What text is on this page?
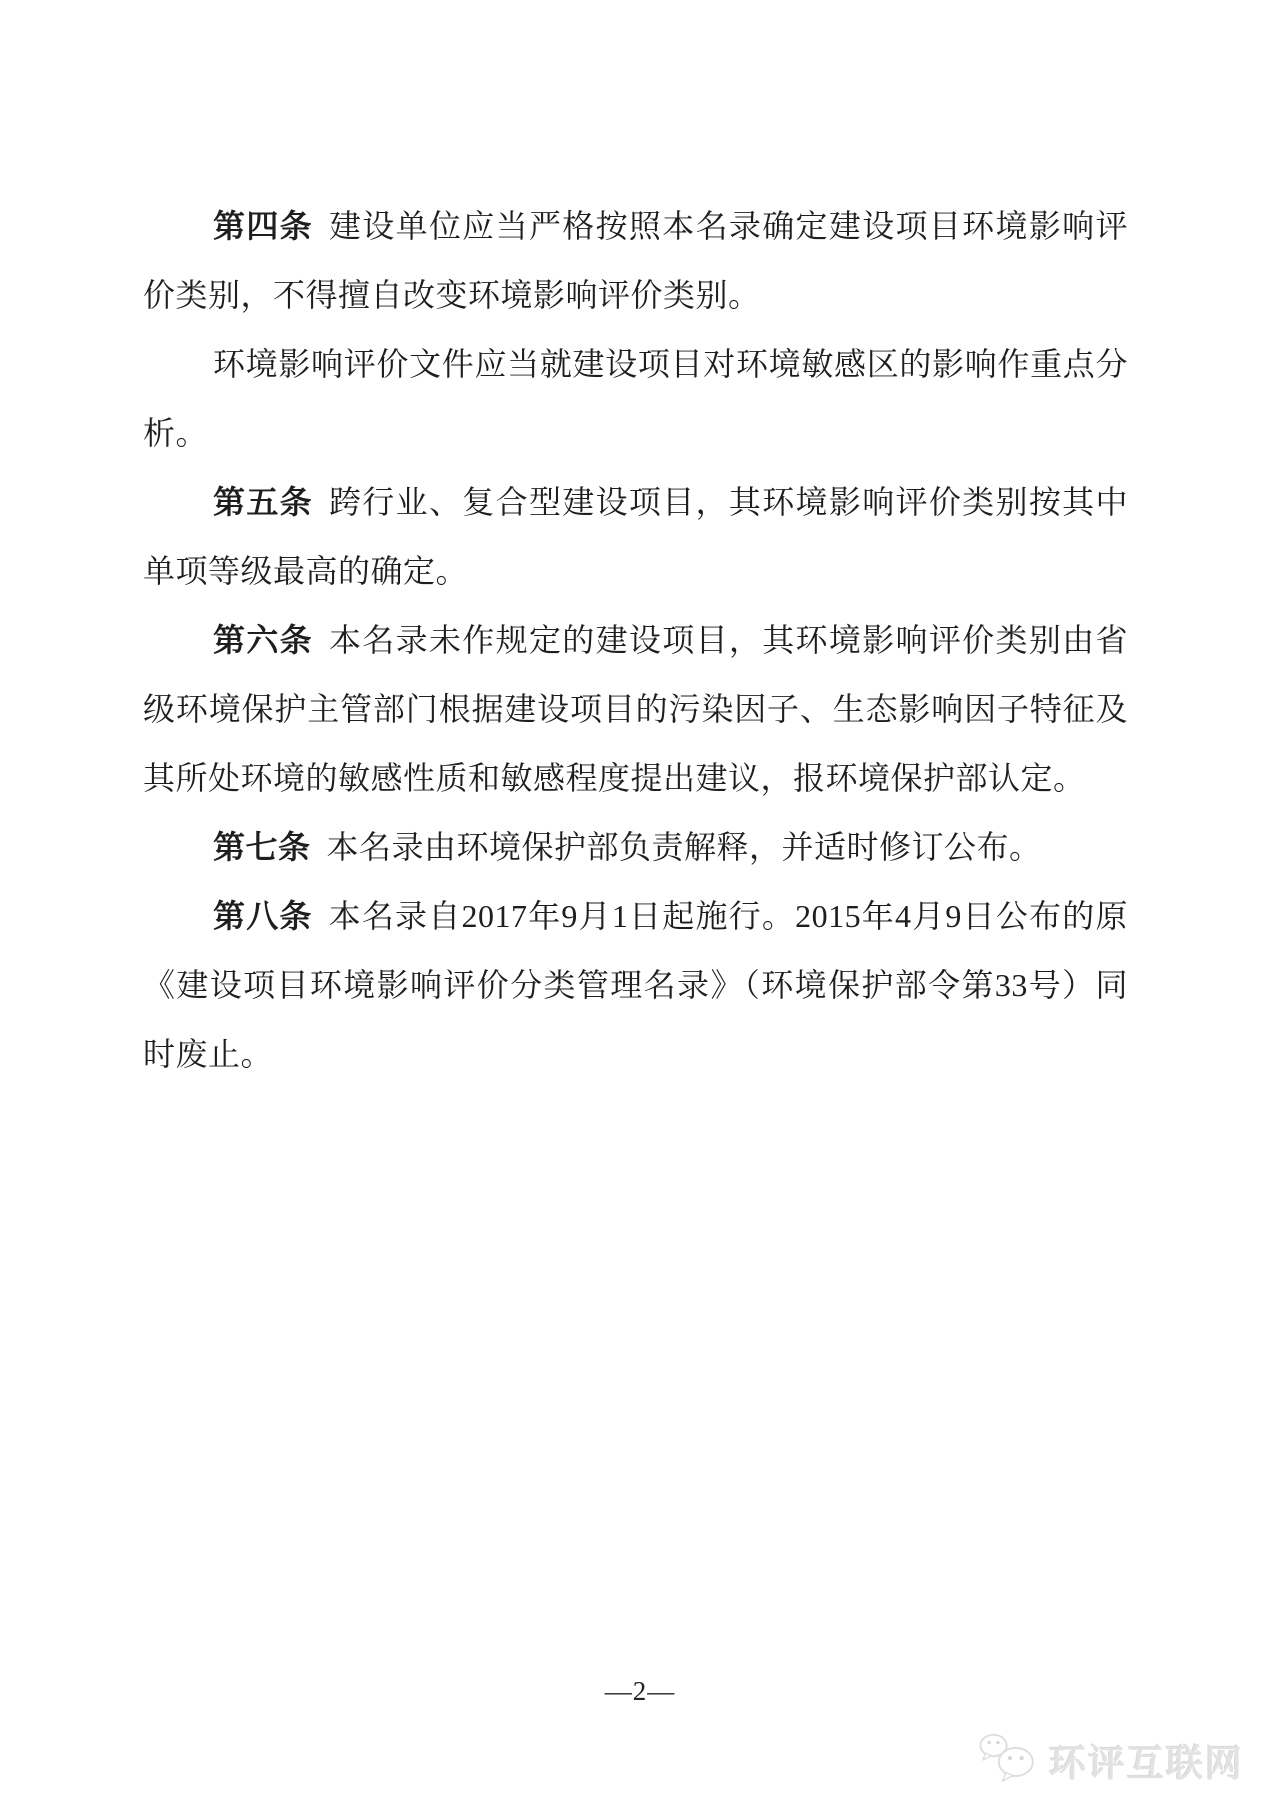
第四条 建设单位应当严格按照本名录确定建设项目环境影响评价类别，不得擅自改变环境影响评价类别。

环境影响评价文件应当就建设项目对环境敏感区的影响作重点分析。

第五条 跨行业、复合型建设项目，其环境影响评价类别按其中单项等级最高的确定。

第六条 本名录未作规定的建设项目，其环境影响评价类别由省级环境保护主管部门根据建设项目的污染因子、生态影响因子特征及其所处环境的敏感性质和敏感程度提出建议，报环境保护部认定。

第七条 本名录由环境保护部负责解释，并适时修订公布。

第八条 本名录自2017年9月1日起施行。2015年4月9日公布的原《建设项目环境影响评价分类管理名录》（环境保护部令第33号）同时废止。

—2—
环评互联网
